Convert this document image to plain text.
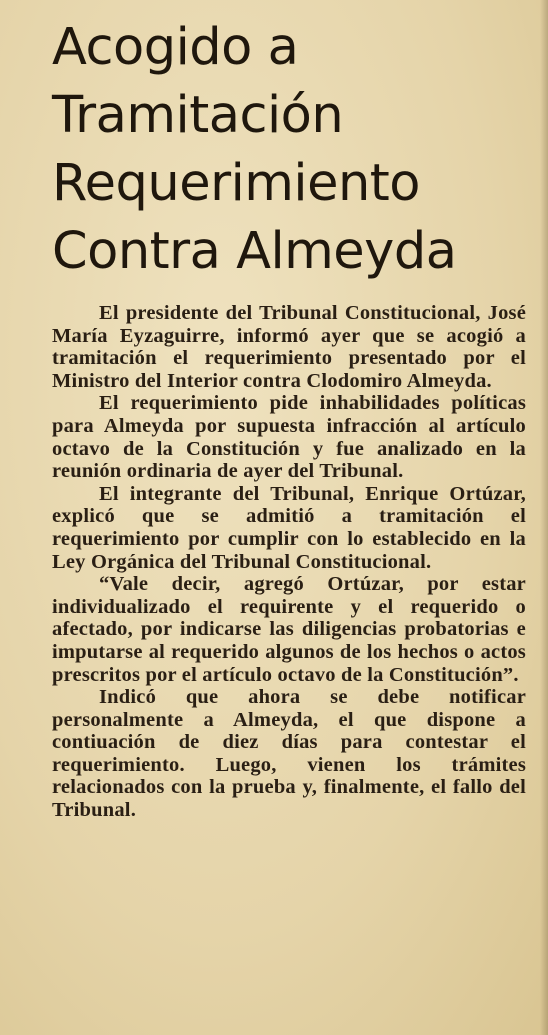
Acogido a
Tramitación
Requerimiento
Contra Almeyda

El presidente del Tribunal Constitucional, José María Eyzaguirre, informó ayer que se acogió a tramitación el requerimiento presentado por el Ministro del Interior contra Clodomiro Almeyda.

El requerimiento pide inhabilidades políticas para Almeyda por supuesta infracción al artículo octavo de la Constitución y fue analizado en la reunión ordinaria de ayer del Tribunal.

El integrante del Tribunal, Enrique Ortúzar, explicó que se admitió a tramitación el requerimiento por cumplir con lo establecido en la Ley Orgánica del Tribunal Constitucional.

“Vale decir, agregó Ortúzar, por estar individualizado el requirente y el requerido o afectado, por indicarse las diligencias probatorias e imputarse al requerido algunos de los hechos o actos prescritos por el artículo octavo de la Constitución”.

Indicó que ahora se debe notificar personalmente a Almeyda, el que dispone a contiuación de diez días para contestar el requerimiento. Luego, vienen los trámites relacionados con la prueba y, finalmente, el fallo del Tribunal.
